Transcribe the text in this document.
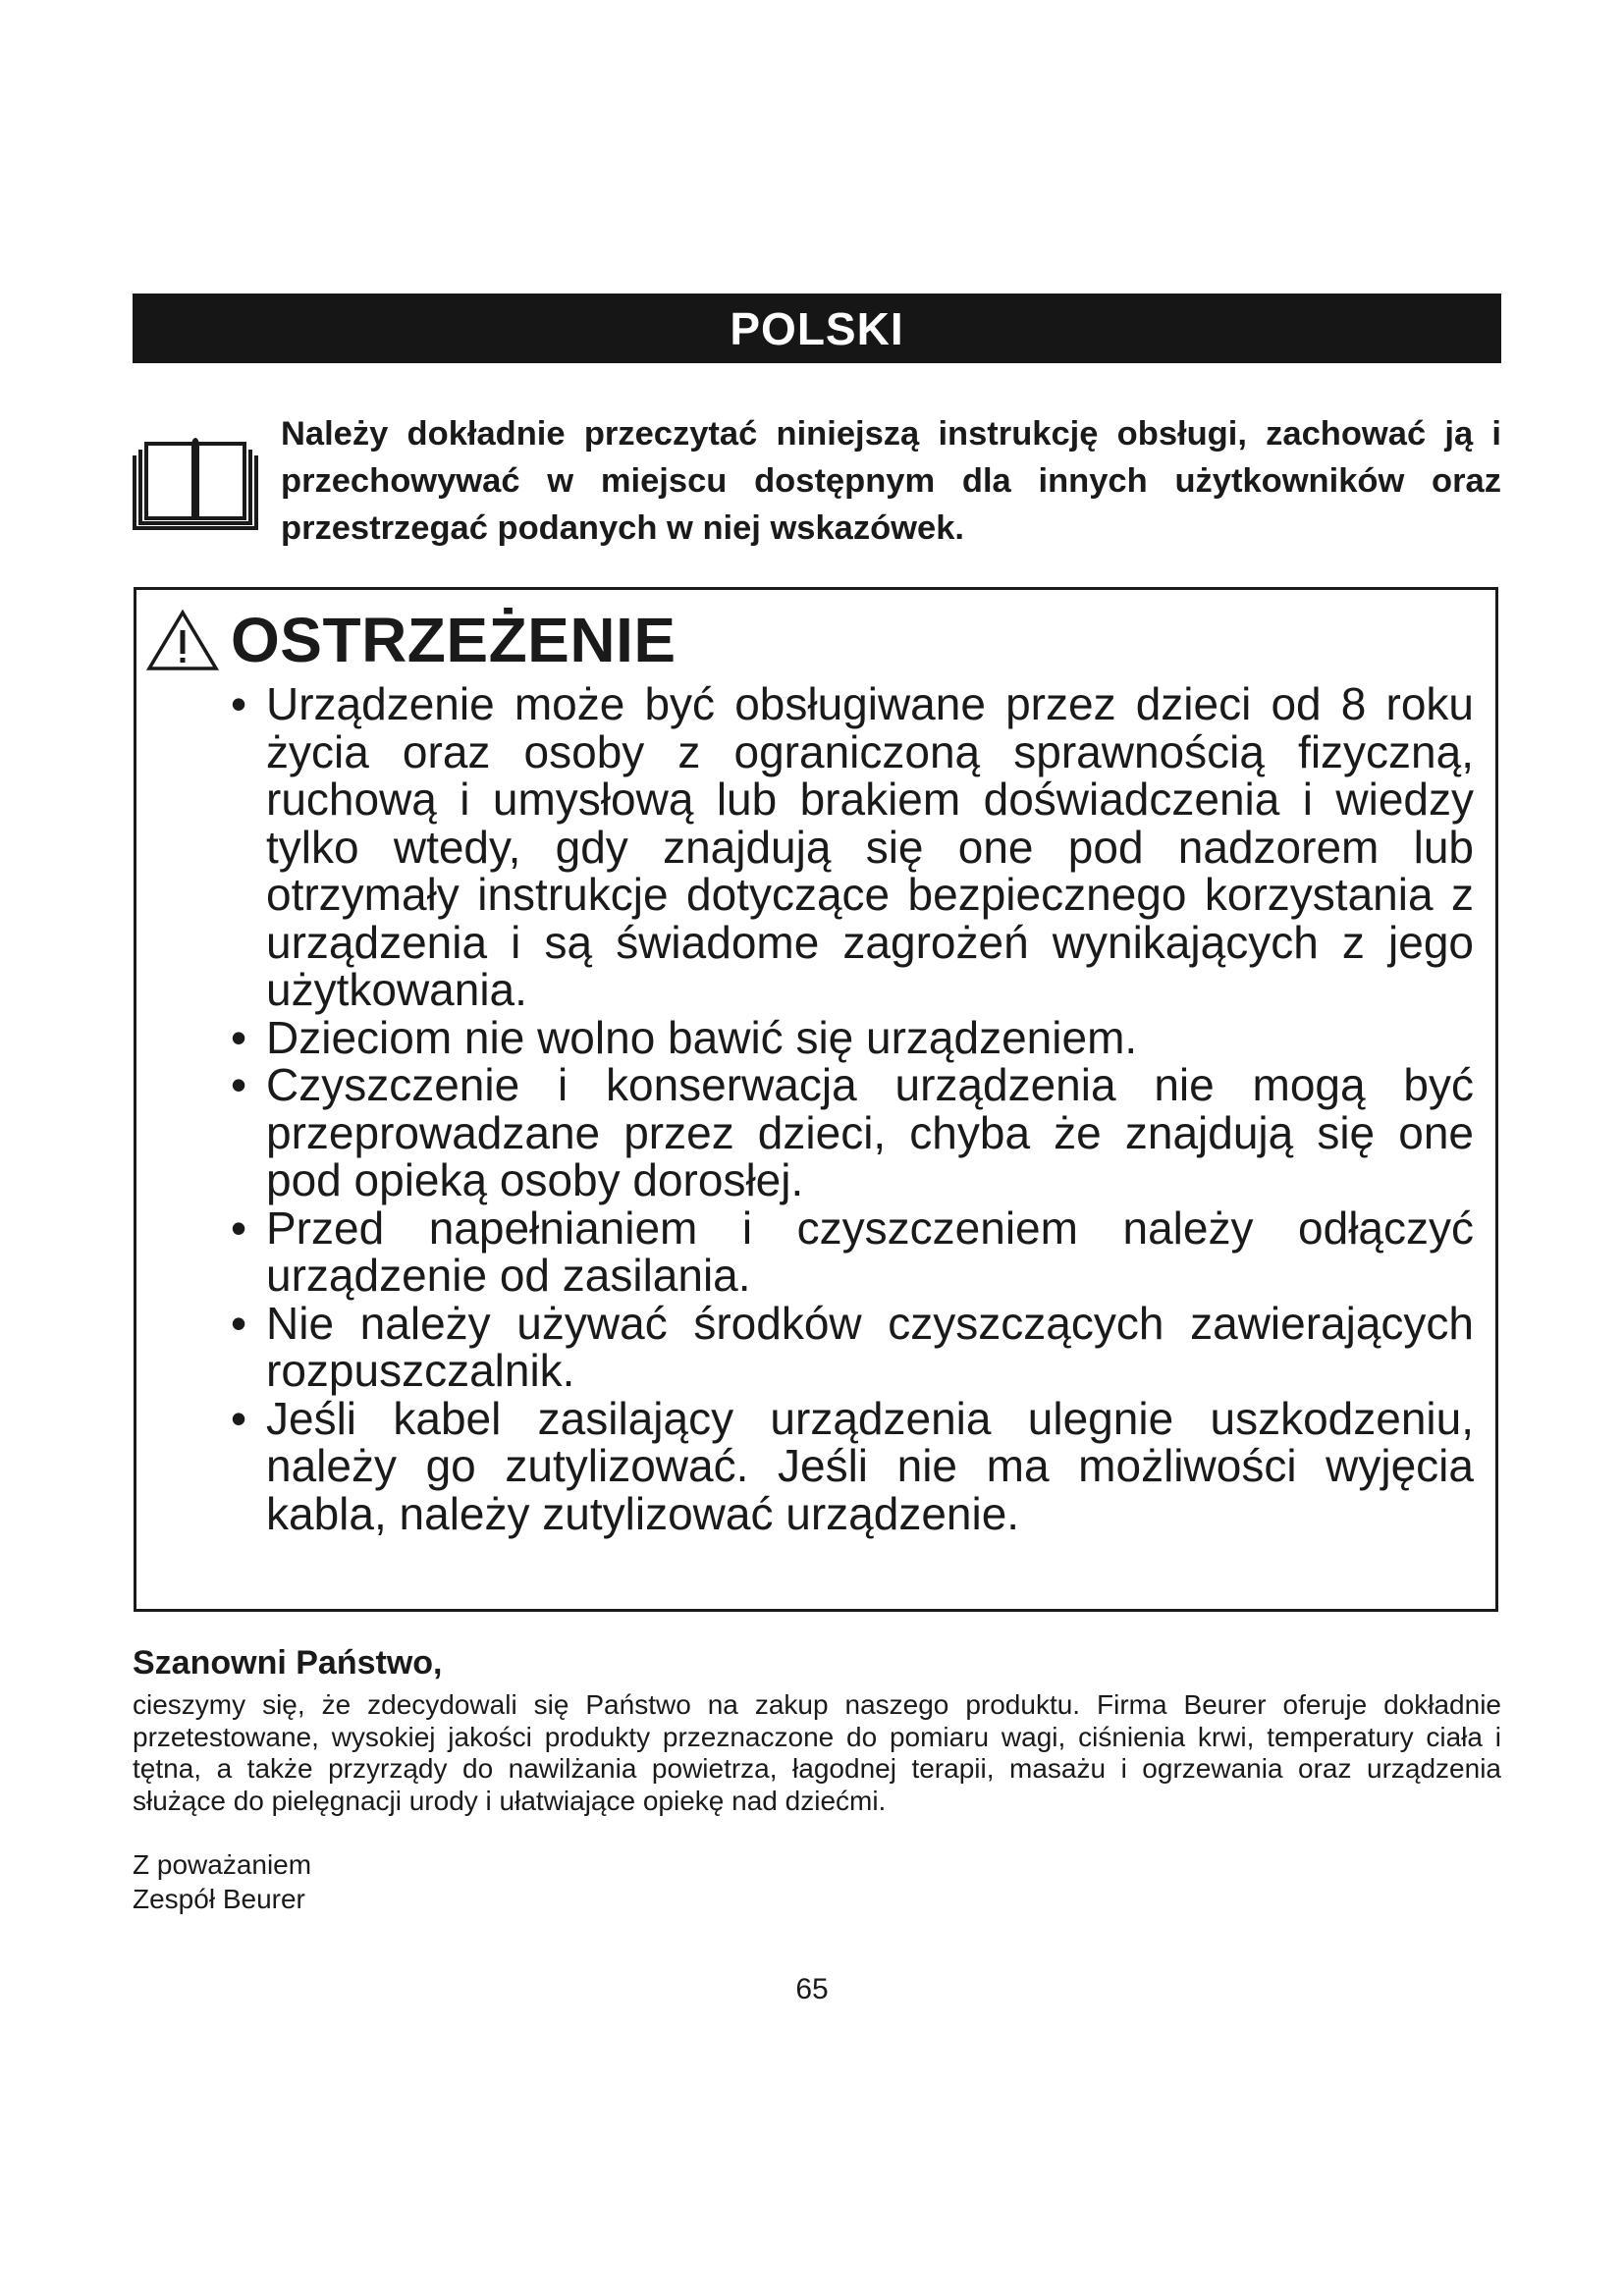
POLSKI
Należy dokładnie przeczytać niniejszą instrukcję obsługi, zachować ją i przechowywać w miejscu dostępnym dla innych użytkowników oraz przestrzegać podanych w niej wskazówek.
OSTRZEŻENIE
• Urządzenie może być obsługiwane przez dzieci od 8 roku życia oraz osoby z ograniczoną sprawnością fizyczną, ruchową i umysłową lub brakiem doświadczenia i wiedzy tylko wtedy, gdy znajdują się one pod nadzorem lub otrzymały instrukcje dotyczące bezpiecznego korzystania z urządzenia i są świadome zagrożeń wynikających z jego użytkowania.
• Dzieciom nie wolno bawić się urządzeniem.
• Czyszczenie i konserwacja urządzenia nie mogą być przeprowadzane przez dzieci, chyba że znajdują się one pod opieką osoby dorosłej.
• Przed napełnianiem i czyszczeniem należy odłączyć urządzenie od zasilania.
• Nie należy używać środków czyszczących zawierających rozpuszczalnik.
• Jeśli kabel zasilający urządzenia ulegnie uszkodzeniu, należy go zutylizować. Jeśli nie ma możliwości wyjęcia kabla, należy zutylizować urządzenie.
Szanowni Państwo,
cieszymy się, że zdecydowali się Państwo na zakup naszego produktu. Firma Beurer oferuje dokładnie przetestowane, wysokiej jakości produkty przeznaczone do pomiaru wagi, ciśnienia krwi, temperatury ciała i tętna, a także przyrządy do nawilżania powietrza, łagodnej terapii, masażu i ogrzewania oraz urządzenia służące do pielęgnacji urody i ułatwiające opiekę nad dziećmi.
Z poważaniem
Zespół Beurer
65
